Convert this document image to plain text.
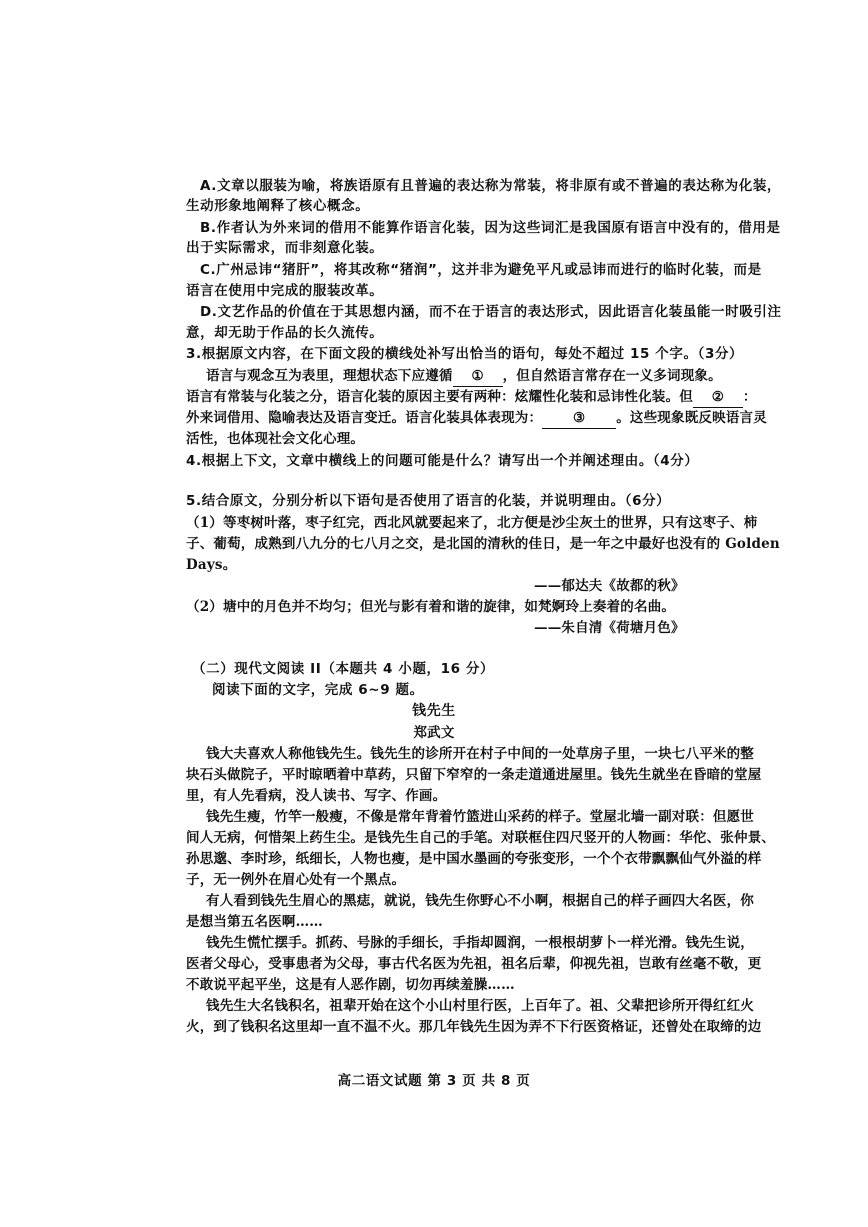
A.文章以服装为喻，将族语原有且普遍的表达称为常装，将非原有或不普遍的表达称为化装，
生动形象地阐释了核心概念。
B.作者认为外来词的借用不能算作语言化装，因为这些词汇是我国原有语言中没有的，借用是
出于实际需求，而非刻意化装。
C.广州忌讳“猪肝”，将其改称“猪润”，这并非为避免平凡或忌讳而进行的临时化装，而是
语言在使用中完成的服装改革。
D.文艺作品的价值在于其思想内涵，而不在于语言的表达形式，因此语言化装虽能一时吸引注
意，却无助于作品的长久流传。
3.根据原文内容，在下面文段的横线处补写出恰当的语句，每处不超过 15 个字。（3分）
语言与观念互为表里，理想状态下应遵循 ① ，但自然语言常存在一义多词现象。
语言有常装与化装之分，语言化装的原因主要有两种：炫耀性化装和忌讳性化装。但 ② ：
外来词借用、隐喻表达及语言变迁。语言化装具体表现为： ③ 。这些现象既反映语言灵
活性，也体现社会文化心理。
4.根据上下文，文章中横线上的问题可能是什么？请写出一个并阐述理由。（4分）
5.结合原文，分别分析以下语句是否使用了语言的化装，并说明理由。（6分）
（1）等枣树叶落，枣子红完，西北风就要起来了，北方便是沙尘灰土的世界，只有这枣子、柿
子、葡萄，成熟到八九分的七八月之交，是北国的清秋的佳日，是一年之中最好也没有的 Golden
Days。
——郁达夫《故都的秋》
（2）塘中的月色并不均匀；但光与影有着和谐的旋律，如梵婀玲上奏着的名曲。
——朱自清《荷塘月色》
（二）现代文阅读 II（本题共 4 小题，16 分）
阅读下面的文字，完成 6~9 题。
钱先生
郑武文
钱大夫喜欢人称他钱先生。钱先生的诊所开在村子中间的一处草房子里，一块七八平米的整
块石头做院子，平时晾晒着中草药，只留下窄窄的一条走道通进屋里。钱先生就坐在昏暗的堂屋
里，有人先看病，没人读书、写字、作画。
钱先生瘦，竹竿一般瘦，不像是常年背着竹篮进山采药的样子。堂屋北墙一副对联：但愿世
间人无病，何惜架上药生尘。是钱先生自己的手笔。对联框住四尺竖开的人物画：华佗、张仲景、
孙思邈、李时珍，纸细长，人物也瘦，是中国水墨画的夸张变形，一个个衣带飘飘仙气外溢的样
子，无一例外在眉心处有一个黑点。
有人看到钱先生眉心的黑痣，就说，钱先生你野心不小啊，根据自己的样子画四大名医，你
是想当第五名医啊……
钱先生慌忙摆手。抓药、号脉的手细长，手指却圆润，一根根胡萝卜一样光滑。钱先生说，
医者父母心，受事患者为父母，事古代名医为先祖，祖名后辈，仰视先祖，岂敢有丝毫不敬，更
不敢说平起平坐，这是有人恶作剧，切勿再续羞臊……
钱先生大名钱积名，祖辈开始在这个小山村里行医，上百年了。祖、父辈把诊所开得红红火
火，到了钱积名这里却一直不温不火。那几年钱先生因为弄不下行医资格证，还曾处在取缔的边
高二语文试题 第 3 页 共 8 页
